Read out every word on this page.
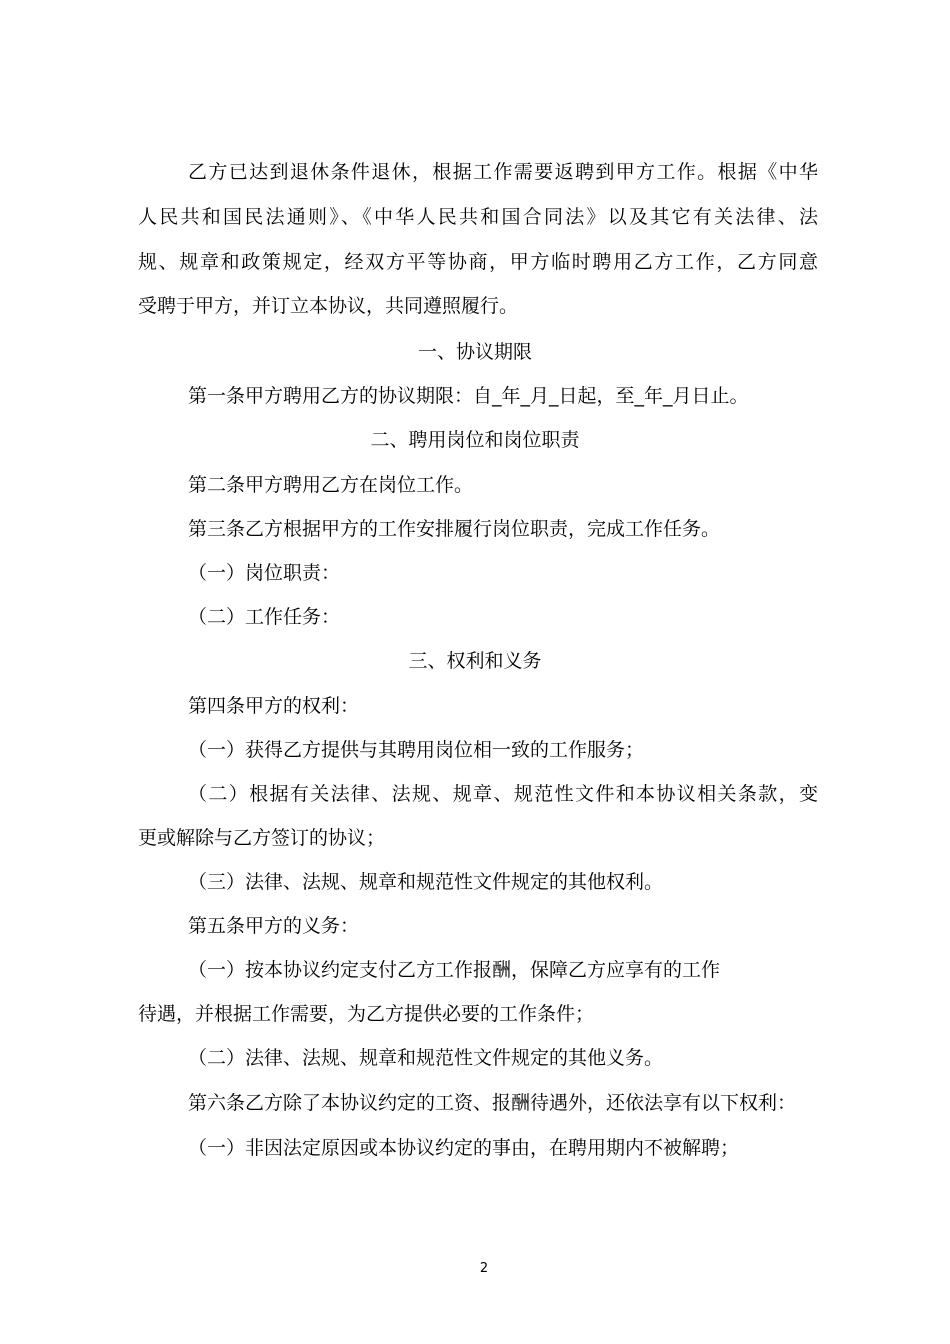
乙方已达到退休条件退休，根据工作需要返聘到甲方工作。根据《中华
人民共和国民法通则》、《中华人民共和国合同法》以及其它有关法律、法
规、规章和政策规定，经双方平等协商，甲方临时聘用乙方工作，乙方同意
受聘于甲方，并订立本协议，共同遵照履行。
一、协议期限
第一条甲方聘用乙方的协议期限：自_年_月_日起，至_年_月日止。
二、聘用岗位和岗位职责
第二条甲方聘用乙方在岗位工作。
第三条乙方根据甲方的工作安排履行岗位职责，完成工作任务。
（一）岗位职责：
（二）工作任务：
三、权利和义务
第四条甲方的权利：
（一）获得乙方提供与其聘用岗位相一致的工作服务；
（二）根据有关法律、法规、规章、规范性文件和本协议相关条款，变
更或解除与乙方签订的协议；
（三）法律、法规、规章和规范性文件规定的其他权利。
第五条甲方的义务：
（一）按本协议约定支付乙方工作报酬，保障乙方应享有的工作
待遇，并根据工作需要，为乙方提供必要的工作条件；
（二）法律、法规、规章和规范性文件规定的其他义务。
第六条乙方除了本协议约定的工资、报酬待遇外，还依法享有以下权利：
（一）非因法定原因或本协议约定的事由，在聘用期内不被解聘；
2
